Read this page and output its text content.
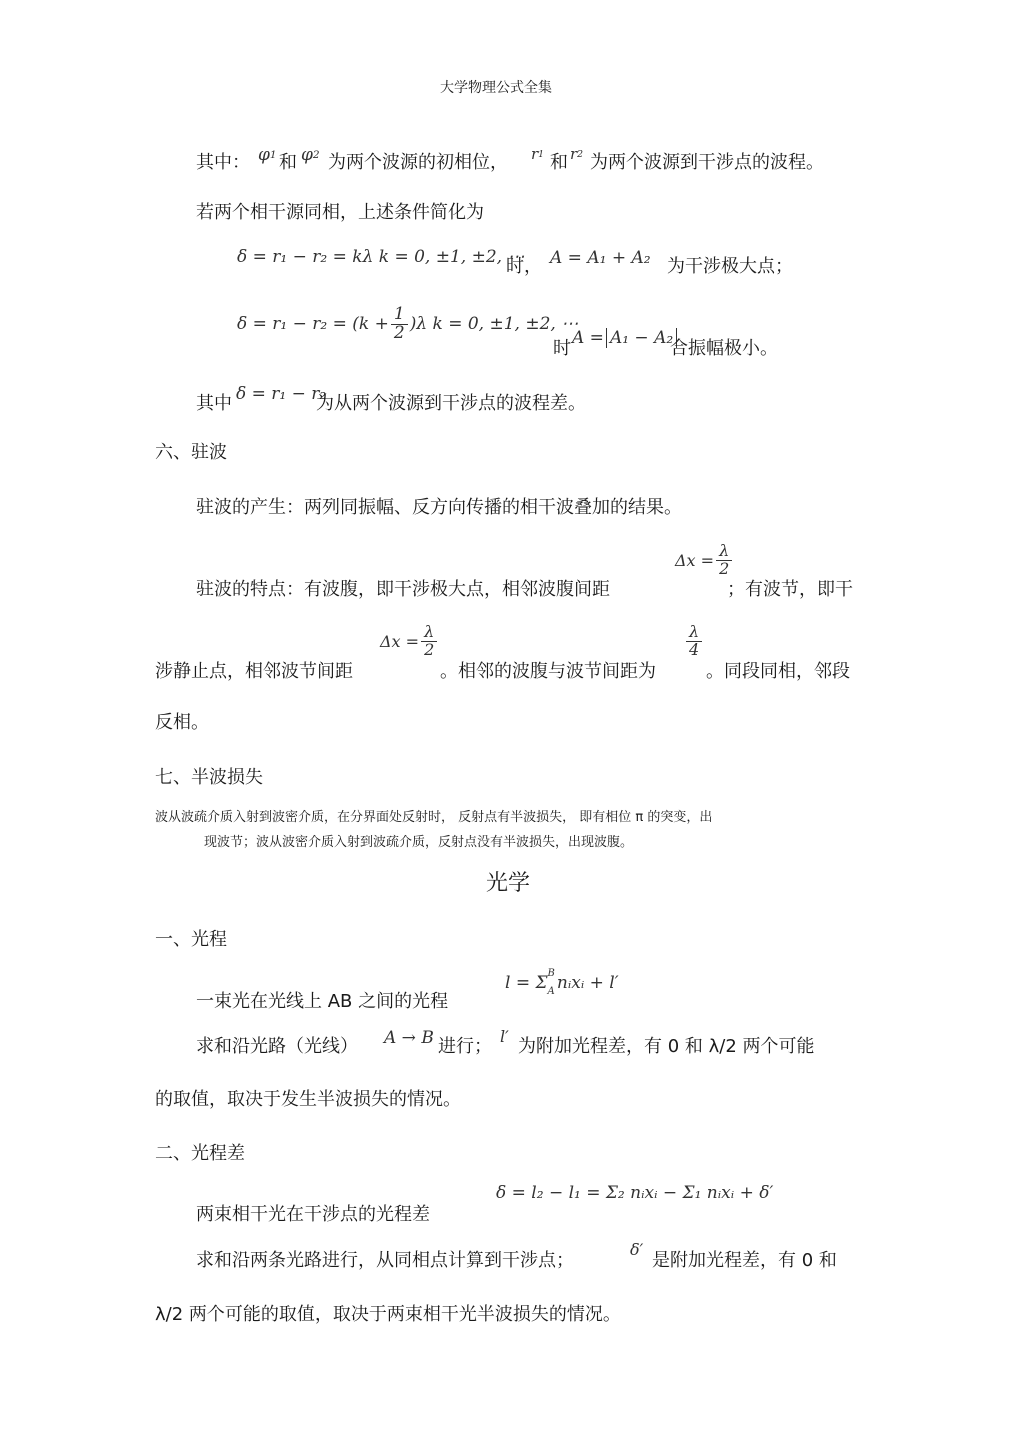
大学物理公式全集
其中： φ 1 和 φ 2 为两个波源的初相位， r 1 和 r 2 为两个波源到干涉点的波程。
若两个相干源同相，上述条件简化为
δ = r₁ − r₂ = kλ k = 0, ±1, ±2, ⋯
时， A = A₁ + A₂ 为干涉极大点；
$\delta = r_1 - r_2 = (k + \frac{1}{2} )\lambda$ k = 0, ±1, ±2, ⋯
时 A = A₁ − A₂
合振幅极小。
其中 δ = r₁ − r₂
为从两个波源到干涉点的波程差。
六、驻波
驻波的产生：两列同振幅、反方向传播的相干波叠加的结果。
驻波的特点：有波腹，即干涉极大点，相邻波腹间距
$\Delta x = \frac{\lambda}{2}$
；有波节，即干
涉静止点，相邻波节间距
$\Delta x = \frac{\lambda}{2}$
。相邻的波腹与波节间距为
$\frac{\lambda}{4}$
。同段同相，邻段
反相。
七、半波损失
波从波疏介质入射到波密介质，在分界面处反射时， 反射点有半波损失， 即有相位 π 的突变，出
现波节；波从波密介质入射到波疏介质，反射点没有半波损失，出现波腹。
光学
一、光程
一束光在光线上 AB 之间的光程
l = Σ B
A nᵢxᵢ + l′
求和沿光路（光线） A → B 进行； l′ 为附加光程差，有 0 和 λ/2 两个可能
的取值，取决于发生半波损失的情况。
二、光程差
两束相干光在干涉点的光程差
δ = l₂ − l₁ = Σ₂ nᵢxᵢ − Σ₁ nᵢxᵢ + δ′
求和沿两条光路进行，从同相点计算到干涉点；
δ′
是附加光程差，有 0 和
λ/2 两个可能的取值，取决于两束相干光半波损失的情况。
